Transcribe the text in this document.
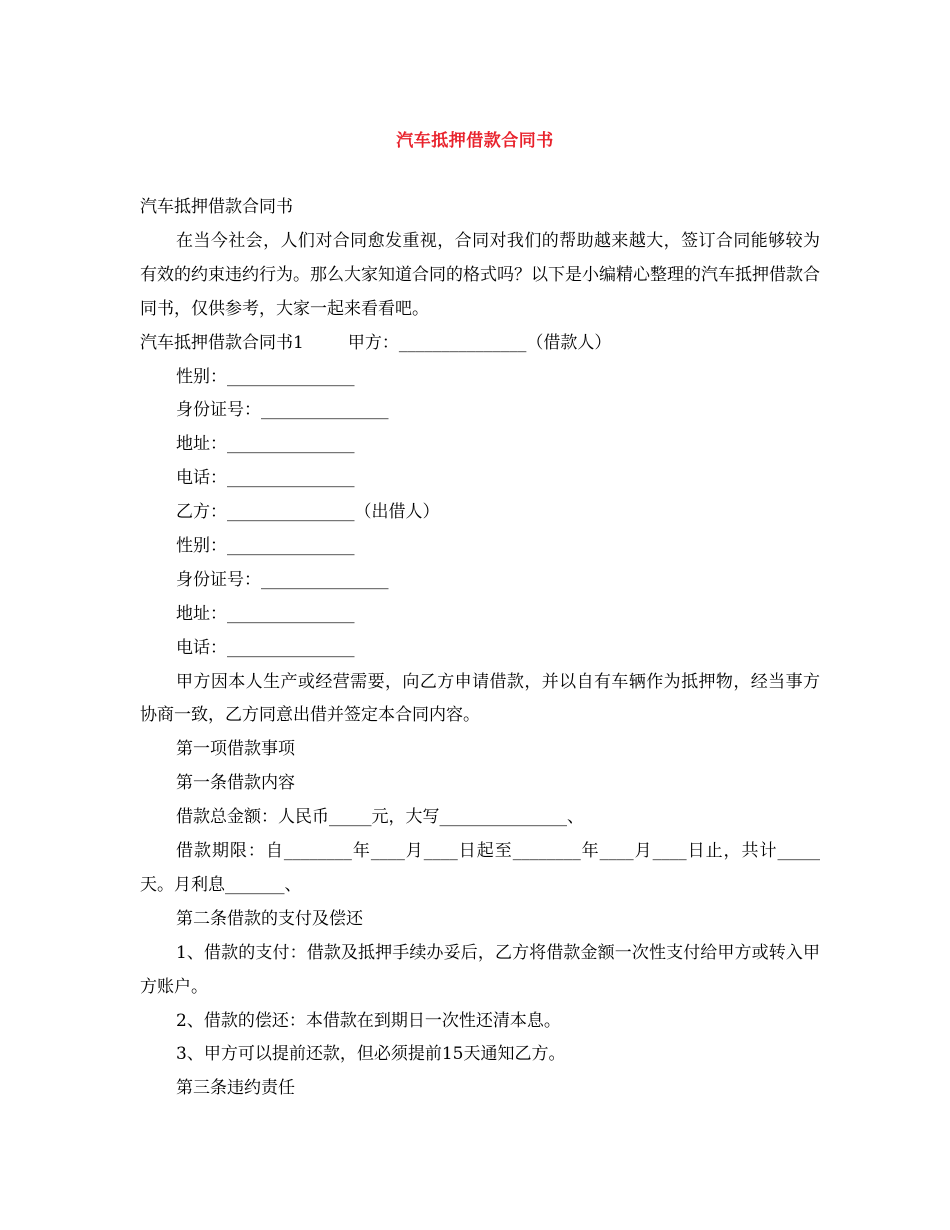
汽车抵押借款合同书
汽车抵押借款合同书
在当今社会，人们对合同愈发重视，合同对我们的帮助越来越大，签订合同能够较为有效的约束违约行为。那么大家知道合同的格式吗？以下是小编精心整理的汽车抵押借款合同书，仅供参考，大家一起来看看吧。
汽车抵押借款合同书1	甲方：_______________（借款人）
性别：_______________
身份证号：_______________
地址：_______________
电话：_______________
乙方：_______________（出借人）
性别：_______________
身份证号：_______________
地址：_______________
电话：_______________
甲方因本人生产或经营需要，向乙方申请借款，并以自有车辆作为抵押物，经当事方协商一致，乙方同意出借并签定本合同内容。
第一项借款事项
第一条借款内容
借款总金额：人民币_____元，大写_______________、
借款期限：自________年____月____日起至________年____月____日止，共计_____天。月利息_______、
第二条借款的支付及偿还
1、借款的支付：借款及抵押手续办妥后，乙方将借款金额一次性支付给甲方或转入甲方账户。
2、借款的偿还：本借款在到期日一次性还清本息。
3、甲方可以提前还款，但必须提前15天通知乙方。
第三条违约责任
